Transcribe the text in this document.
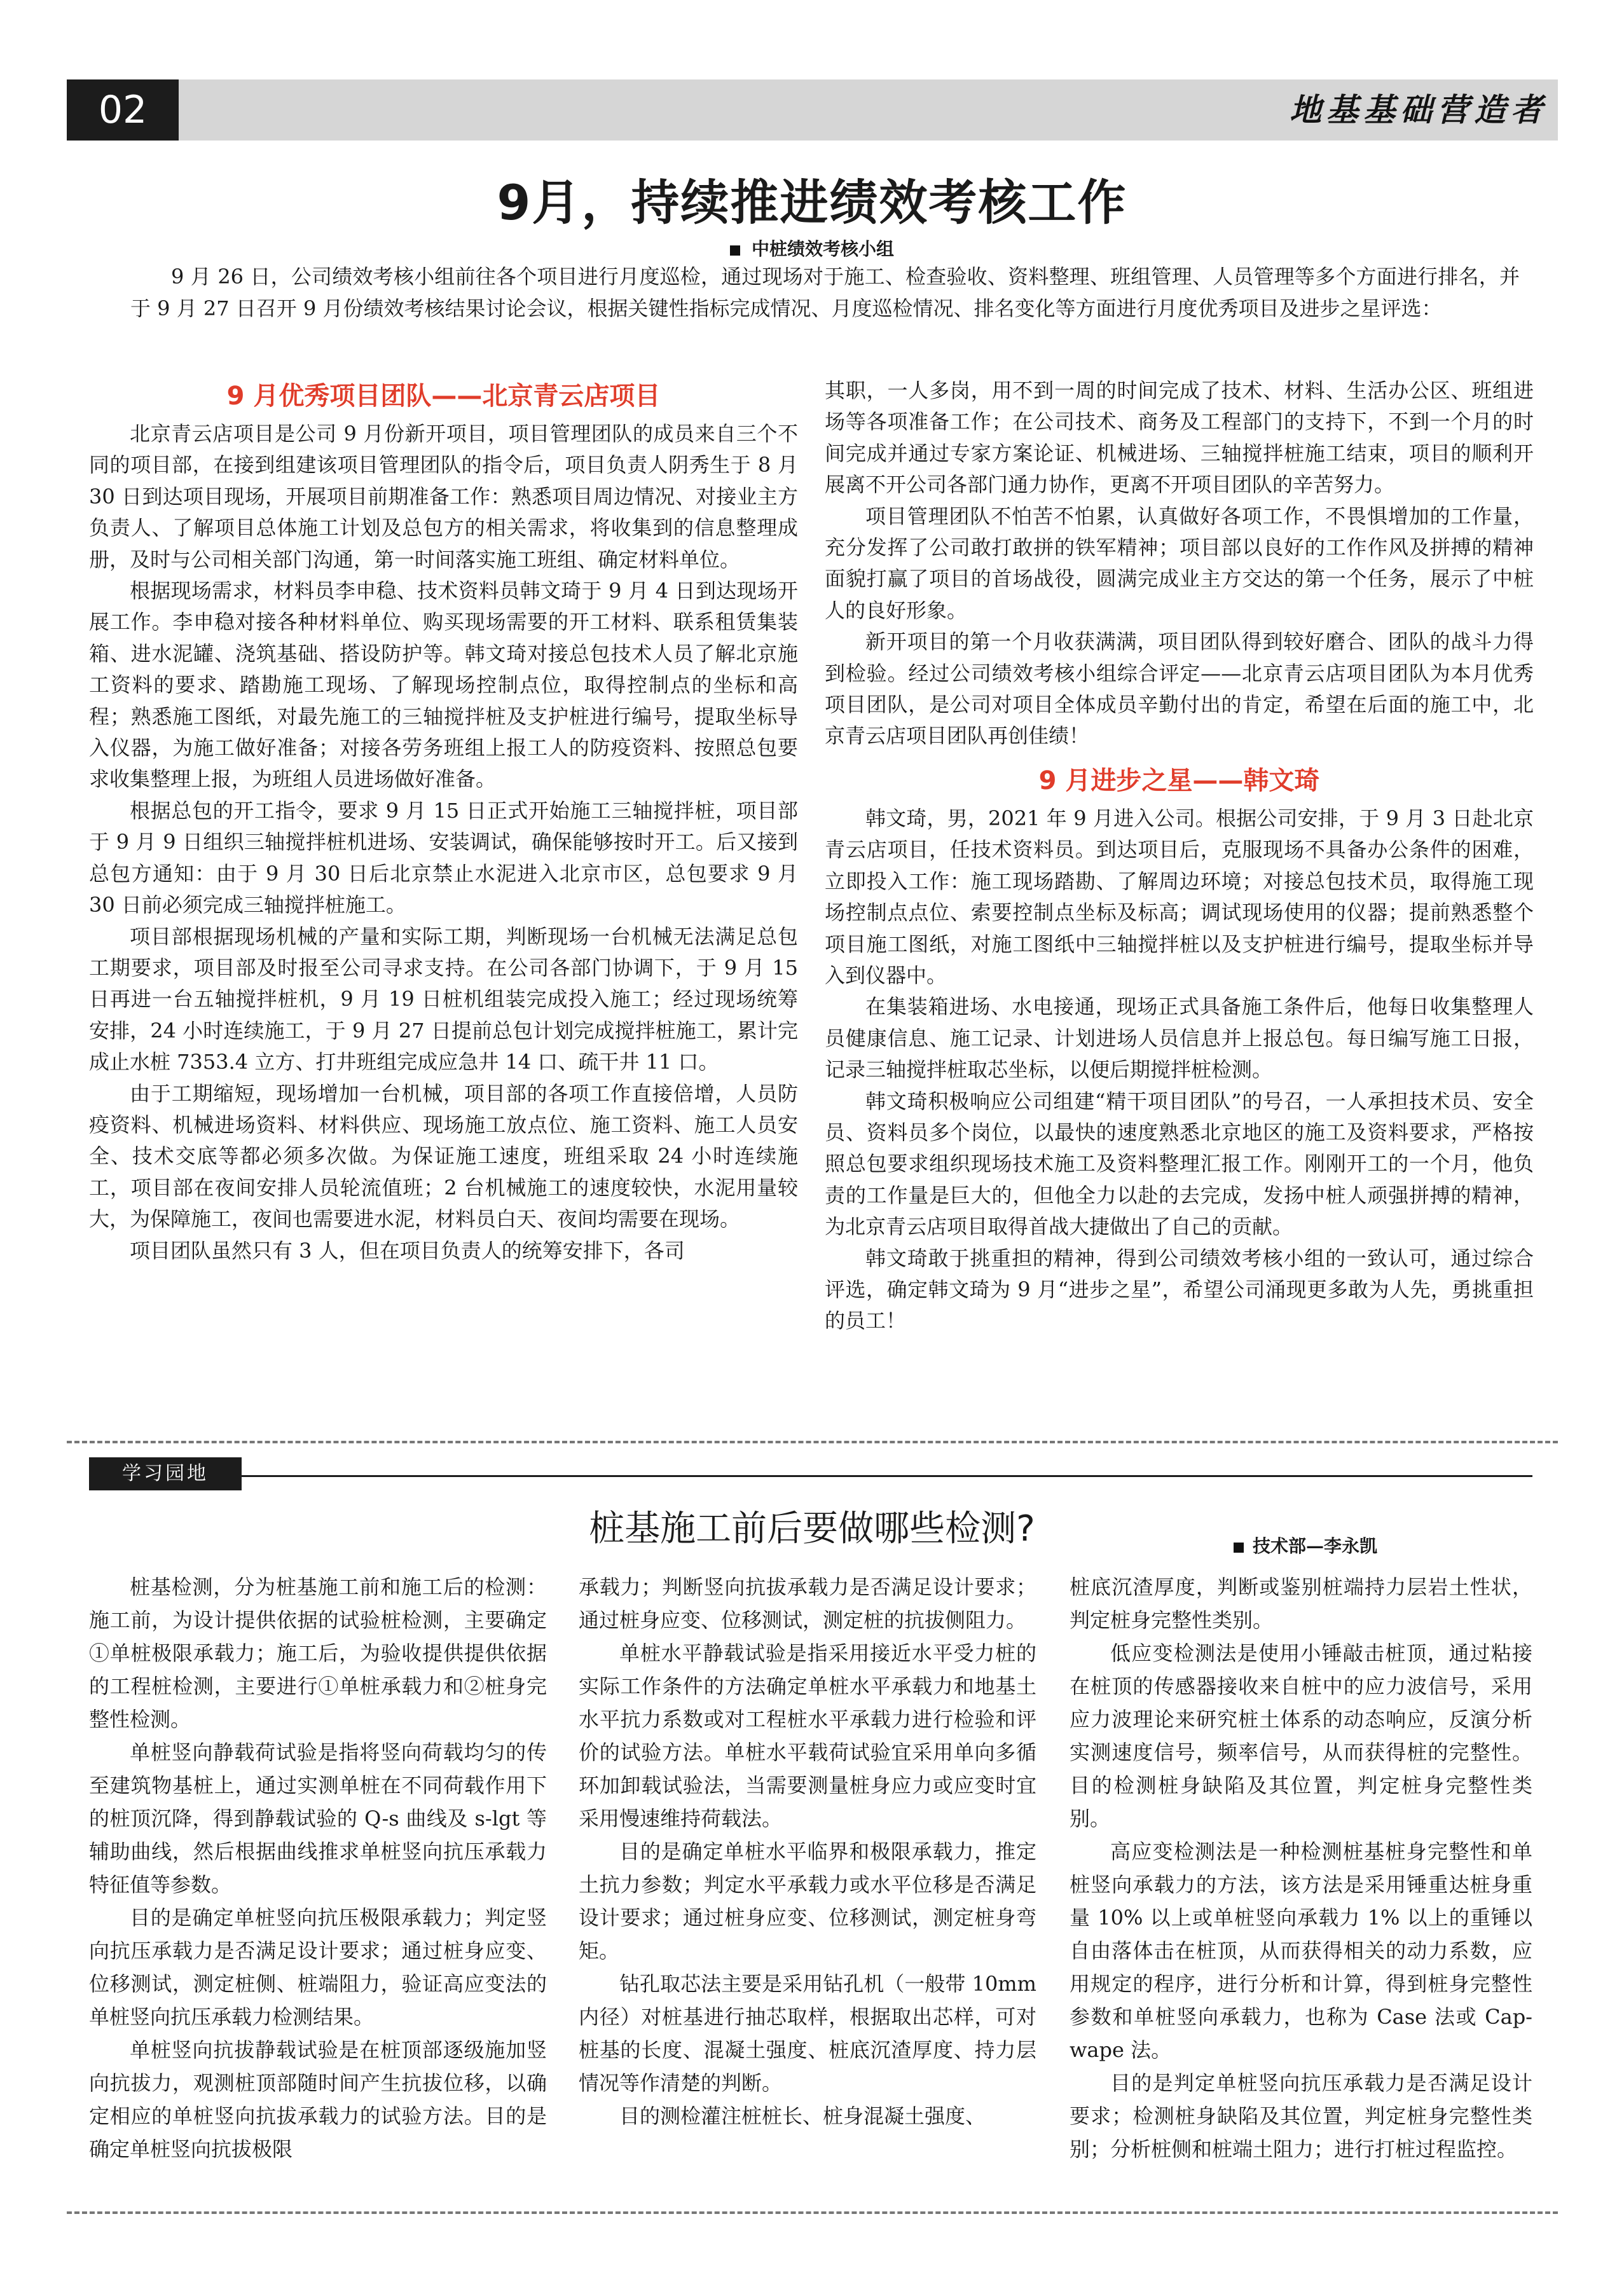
02	地基基础营造者
9月，持续推进绩效考核工作
中桩绩效考核小组

9 月 26 日，公司绩效考核小组前往各个项目进行月度巡检，通过现场对于施工、检查验收、资料整理、班组管理、人员管理等多个方面进行排名，并于 9 月 27 日召开 9 月份绩效考核结果讨论会议，根据关键性指标完成情况、月度巡检情况、排名变化等方面进行月度优秀项目及进步之星评选：

9 月优秀项目团队——北京青云店项目

北京青云店项目是公司 9 月份新开项目，项目管理团队的成员来自三个不同的项目部，在接到组建该项目管理团队的指令后，项目负责人阴秀生于 8 月 30 日到达项目现场，开展项目前期准备工作：熟悉项目周边情况、对接业主方负责人、了解项目总体施工计划及总包方的相关需求，将收集到的信息整理成册，及时与公司相关部门沟通，第一时间落实施工班组、确定材料单位。

根据现场需求，材料员李申稳、技术资料员韩文琦于 9 月 4 日到达现场开展工作。李申稳对接各种材料单位、购买现场需要的开工材料、联系租赁集装箱、进水泥罐、浇筑基础、搭设防护等。韩文琦对接总包技术人员了解北京施工资料的要求、踏勘施工现场、了解现场控制点位，取得控制点的坐标和高程；熟悉施工图纸，对最先施工的三轴搅拌桩及支护桩进行编号，提取坐标导入仪器，为施工做好准备；对接各劳务班组上报工人的防疫资料、按照总包要求收集整理上报，为班组人员进场做好准备。

根据总包的开工指令，要求 9 月 15 日正式开始施工三轴搅拌桩，项目部于 9 月 9 日组织三轴搅拌桩机进场、安装调试，确保能够按时开工。后又接到总包方通知：由于 9 月 30 日后北京禁止水泥进入北京市区，总包要求 9 月 30 日前必须完成三轴搅拌桩施工。

项目部根据现场机械的产量和实际工期，判断现场一台机械无法满足总包工期要求，项目部及时报至公司寻求支持。在公司各部门协调下，于 9 月 15 日再进一台五轴搅拌桩机，9 月 19 日桩机组装完成投入施工；经过现场统筹安排，24 小时连续施工，于 9 月 27 日提前总包计划完成搅拌桩施工，累计完成止水桩 7353.4 立方、打井班组完成应急井 14 口、疏干井 11 口。

由于工期缩短，现场增加一台机械，项目部的各项工作直接倍增，人员防疫资料、机械进场资料、材料供应、现场施工放点位、施工资料、施工人员安全、技术交底等都必须多次做。为保证施工速度，班组采取 24 小时连续施工，项目部在夜间安排人员轮流值班；2 台机械施工的速度较快，水泥用量较大，为保障施工，夜间也需要进水泥，材料员白天、夜间均需要在现场。

项目团队虽然只有 3 人，但在项目负责人的统筹安排下，各司

其职，一人多岗，用不到一周的时间完成了技术、材料、生活办公区、班组进场等各项准备工作；在公司技术、商务及工程部门的支持下，不到一个月的时间完成并通过专家方案论证、机械进场、三轴搅拌桩施工结束，项目的顺利开展离不开公司各部门通力协作，更离不开项目团队的辛苦努力。

项目管理团队不怕苦不怕累，认真做好各项工作，不畏惧增加的工作量，充分发挥了公司敢打敢拼的铁军精神；项目部以良好的工作作风及拼搏的精神面貌打赢了项目的首场战役，圆满完成业主方交达的第一个任务，展示了中桩人的良好形象。

新开项目的第一个月收获满满，项目团队得到较好磨合、团队的战斗力得到检验。经过公司绩效考核小组综合评定——北京青云店项目团队为本月优秀项目团队，是公司对项目全体成员辛勤付出的肯定，希望在后面的施工中，北京青云店项目团队再创佳绩！

9 月进步之星——韩文琦

韩文琦，男，2021 年 9 月进入公司。根据公司安排，于 9 月 3 日赴北京青云店项目，任技术资料员。到达项目后，克服现场不具备办公条件的困难，立即投入工作：施工现场踏勘、了解周边环境；对接总包技术员，取得施工现场控制点点位、索要控制点坐标及标高；调试现场使用的仪器；提前熟悉整个项目施工图纸，对施工图纸中三轴搅拌桩以及支护桩进行编号，提取坐标并导入到仪器中。

在集装箱进场、水电接通，现场正式具备施工条件后，他每日收集整理人员健康信息、施工记录、计划进场人员信息并上报总包。每日编写施工日报，记录三轴搅拌桩取芯坐标，以便后期搅拌桩检测。

韩文琦积极响应公司组建“精干项目团队”的号召，一人承担技术员、安全员、资料员多个岗位，以最快的速度熟悉北京地区的施工及资料要求，严格按照总包要求组织现场技术施工及资料整理汇报工作。刚刚开工的一个月，他负责的工作量是巨大的，但他全力以赴的去完成，发扬中桩人顽强拼搏的精神，为北京青云店项目取得首战大捷做出了自己的贡献。

韩文琦敢于挑重担的精神，得到公司绩效考核小组的一致认可，通过综合评选，确定韩文琦为 9 月“进步之星”，希望公司涌现更多敢为人先，勇挑重担的员工！

学习园地
桩基施工前后要做哪些检测?	技术部—李永凯

桩基检测，分为桩基施工前和施工后的检测：施工前，为设计提供依据的试验桩检测，主要确定①单桩极限承载力；施工后，为验收提供提供依据的工程桩检测，主要进行①单桩承载力和②桩身完整性检测。

单桩竖向静载荷试验是指将竖向荷载均匀的传至建筑物基桩上，通过实测单桩在不同荷载作用下的桩顶沉降，得到静载试验的 Q-s 曲线及 s-lgt 等辅助曲线，然后根据曲线推求单桩竖向抗压承载力特征值等参数。

目的是确定单桩竖向抗压极限承载力；判定竖向抗压承载力是否满足设计要求；通过桩身应变、位移测试，测定桩侧、桩端阻力，验证高应变法的单桩竖向抗压承载力检测结果。

单桩竖向抗拔静载试验是在桩顶部逐级施加竖向抗拔力，观测桩顶部随时间产生抗拔位移，以确定相应的单桩竖向抗拔承载力的试验方法。目的是确定单桩竖向抗拔极限

承载力；判断竖向抗拔承载力是否满足设计要求；通过桩身应变、位移测试，测定桩的抗拔侧阻力。

单桩水平静载试验是指采用接近水平受力桩的实际工作条件的方法确定单桩水平承载力和地基土水平抗力系数或对工程桩水平承载力进行检验和评价的试验方法。单桩水平载荷试验宜采用单向多循环加卸载试验法，当需要测量桩身应力或应变时宜采用慢速维持荷载法。

目的是确定单桩水平临界和极限承载力，推定土抗力参数；判定水平承载力或水平位移是否满足设计要求；通过桩身应变、位移测试，测定桩身弯矩。

钻孔取芯法主要是采用钻孔机（一般带 10mm 内径）对桩基进行抽芯取样，根据取出芯样，可对桩基的长度、混凝土强度、桩底沉渣厚度、持力层情况等作清楚的判断。

目的测检灌注桩桩长、桩身混凝土强度、

桩底沉渣厚度，判断或鉴别桩端持力层岩土性状，判定桩身完整性类别。

低应变检测法是使用小锤敲击桩顶，通过粘接在桩顶的传感器接收来自桩中的应力波信号，采用应力波理论来研究桩土体系的动态响应，反演分析实测速度信号，频率信号，从而获得桩的完整性。目的检测桩身缺陷及其位置，判定桩身完整性类别。

高应变检测法是一种检测桩基桩身完整性和单桩竖向承载力的方法，该方法是采用锤重达桩身重量 10% 以上或单桩竖向承载力 1% 以上的重锤以自由落体击在桩顶，从而获得相关的动力系数，应用规定的程序，进行分析和计算，得到桩身完整性参数和单桩竖向承载力，也称为 Case 法或 Cap-wape 法。

目的是判定单桩竖向抗压承载力是否满足设计要求；检测桩身缺陷及其位置，判定桩身完整性类别；分析桩侧和桩端土阻力；进行打桩过程监控。
